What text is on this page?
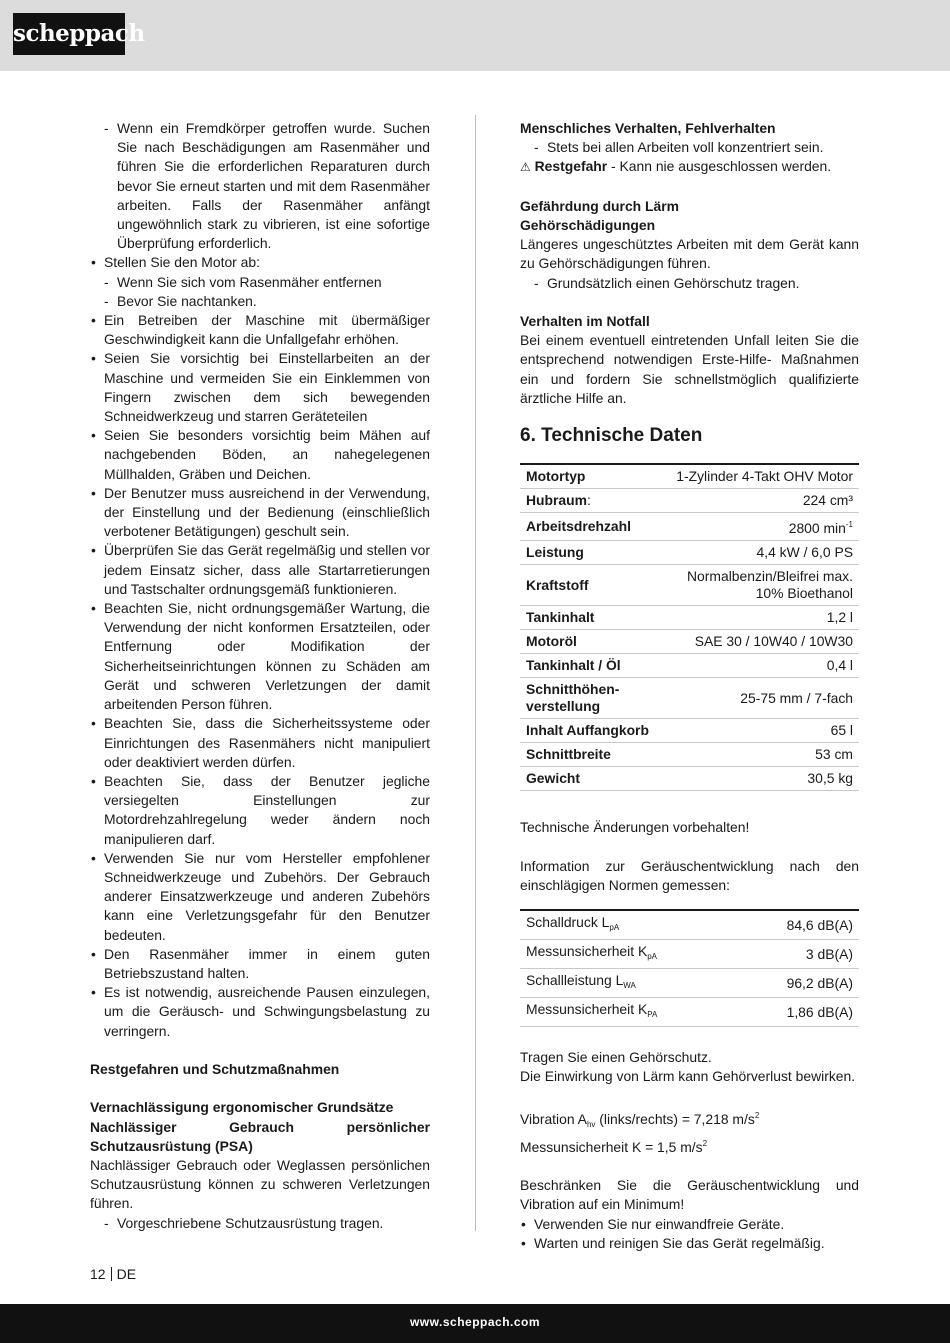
scheppach
- Wenn ein Fremdkörper getroffen wurde. Suchen Sie nach Beschädigungen am Rasenmäher und führen Sie die erforderlichen Reparaturen durch bevor Sie erneut starten und mit dem Rasenmäher arbeiten. Falls der Rasenmäher anfängt ungewöhnlich stark zu vibrieren, ist eine sofortige Überprüfung erforderlich.
• Stellen Sie den Motor ab:
- Wenn Sie sich vom Rasenmäher entfernen
- Bevor Sie nachtanken.
• Ein Betreiben der Maschine mit übermäßiger Geschwindigkeit kann die Unfallgefahr erhöhen.
• Seien Sie vorsichtig bei Einstellarbeiten an der Maschine und vermeiden Sie ein Einklemmen von Fingern zwischen dem sich bewegenden Schneidwerkzeug und starren Geräteteilen
• Seien Sie besonders vorsichtig beim Mähen auf nachgebenden Böden, an nahegelegenen Müllhalden, Gräben und Deichen.
• Der Benutzer muss ausreichend in der Verwendung, der Einstellung und der Bedienung (einschließlich verbotener Betätigungen) geschult sein.
• Überprüfen Sie das Gerät regelmäßig und stellen vor jedem Einsatz sicher, dass alle Startarretierungen und Tastschalter ordnungsgemäß funktionieren.
• Beachten Sie, nicht ordnungsgemäßer Wartung, die Verwendung der nicht konformen Ersatzteilen, oder Entfernung oder Modifikation der Sicherheitseinrichtungen können zu Schäden am Gerät und schweren Verletzungen der damit arbeitenden Person führen.
• Beachten Sie, dass die Sicherheitssysteme oder Einrichtungen des Rasenmähers nicht manipuliert oder deaktiviert werden dürfen.
• Beachten Sie, dass der Benutzer jegliche versiegelten Einstellungen zur Motordrehzahlregelung weder ändern noch manipulieren darf.
• Verwenden Sie nur vom Hersteller empfohlener Schneidwerkzeuge und Zubehörs. Der Gebrauch anderer Einsatzwerkzeuge und anderen Zubehörs kann eine Verletzungsgefahr für den Benutzer bedeuten.
• Den Rasenmäher immer in einem guten Betriebszustand halten.
• Es ist notwendig, ausreichende Pausen einzulegen, um die Geräusch- und Schwingungsbelastung zu verringern.
Restgefahren und Schutzmaßnahmen
Vernachlässigung ergonomischer Grundsätze
Nachlässiger Gebrauch persönlicher Schutzausrüstung (PSA)
Nachlässiger Gebrauch oder Weglassen persönlichen Schutzausrüstung können zu schweren Verletzungen führen.
- Vorgeschriebene Schutzausrüstung tragen.
Menschliches Verhalten, Fehlverhalten
- Stets bei allen Arbeiten voll konzentriert sein.
⚠ Restgefahr - Kann nie ausgeschlossen werden.
Gefährdung durch Lärm
Gehörschädigungen
Längeres ungeschütztes Arbeiten mit dem Gerät kann zu Gehörschädigungen führen.
- Grundsätzlich einen Gehörschutz tragen.
Verhalten im Notfall
Bei einem eventuell eintretenden Unfall leiten Sie die entsprechend notwendigen Erste-Hilfe- Maßnahmen ein und fordern Sie schnellstmöglich qualifizierte ärztliche Hilfe an.
6. Technische Daten
Motortyp	1-Zylinder 4-Takt OHV Motor
Hubraum:	224 cm³
Arbeitsdrehzahl	2800 $\min^{-1}$
Leistung	4,4 kW / 6,0 PS
Kraftstoff	Normalbenzin/Bleifrei max.
10% Bioethanol

Tankinhalt	1,2 l
Motoröl	SAE 30 / 10W40 / 10W30
Tankinhalt / Öl	0,4 l

Schnitthöhen-
verstellung	25-75 mm / 7-fach
Inhalt Auffangkorb	65 l
Schnittbreite	53 cm
Gewicht	30,5 kg
Technische Änderungen vorbehalten!
Information zur Geräuschentwicklung nach den einschlägigen Normen gemessen:
Schalldruck $L_{pA}$	84,6 dB(A)
Messunsicherheit $K_{pA}$	3 dB(A)
Schallleistung $L_{WA}$	96,2 dB(A)
Messunsicherheit $K_{PA}$	1,86 dB(A)
Tragen Sie einen Gehörschutz.
Die Einwirkung von Lärm kann Gehörverlust bewirken.
Vibration $A_{hv}$ (links/rechts) = 7,218 $m/s^2$
Messunsicherheit K = 1,5 $m/s^2$
Beschränken Sie die Geräuschentwicklung und Vibration auf ein Minimum!
• Verwenden Sie nur einwandfreie Geräte.
• Warten und reinigen Sie das Gerät regelmäßig.
12 DE
www.scheppach.com
